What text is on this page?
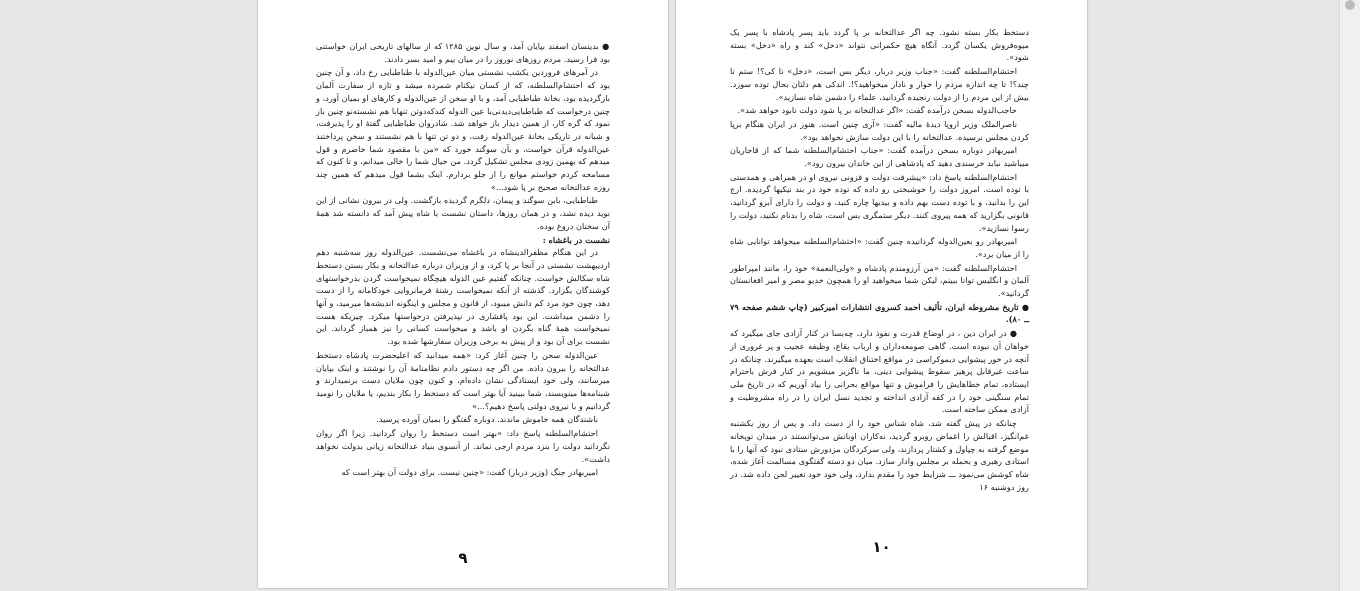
● بدینسان اسفند بپایان آمد، و سال نوین ۱۲۸۵ که از سالهای تاریخی ایران خواستنی بود فرا رسید. مردم روزهای نوروز را در میان بیم و امید بسر دادند.

در آمرهای فروردین یکشب نشستی میان عین‌الدوله با طباطبایی رخ داد، و آن چنین بود که احتشام‌السلطنه، که از کسان نیکنام شمرده میشد و تازه از سفارت آلمان بازگردیده بود، بخانهٔ طباطبایی آمد، و با او سخن از عین‌الدوله و کارهای او بمیان آورد، و چنین درخواست که طباطبایی‌دیدنی‌با عین الدوله کندکه‌دوتن تنهابا هم نشسته‌نو چنین باز نمود که گره کار، از همین دیدار باز خواهد شد. شادروان طباطبایی گفتهٔ او را پذیرفت، و شبانه در تاریکی بخانهٔ عین‌الدوله رفت، و دو تن تنها با هم نشستند و سخن پرداختند عین‌الدوله قرآن خواست، و بآن سوگند خورد که «من با مقصود شما خاضرم و قول میدهم که بهمین زودی مجلس تشکیل گردد. من خیال شما را خالی میدانم، و تا کنون که مسامحه کردم خواستم موانع را از جلو بردارم. اینک بشما قول میدهم که همین چند روزه عدالتخانه صحیح بر پا شود...»

طباطبایی، بابن سوگند و پیمان، دلگرم گردیده بازگشت. ولی در بیرون نشانی از این نوید دیده نشد، و در همان روزها، داستان نشست با شاه پیش آمد که دانسته شد همهٔ آن سخنان دروغ بوده.

نشست در باغشاه :

در این هنگام مظفرالدینشاه در باغشاه می‌نشست. عین‌الدوله روز سه‌شنبه دهم اردیبهشت نشستی در آنجا بر پا کرد، و از وزیران درباره عدالتخانه و بکار بستن دستخط شاه سکالش خواست. چنانکه گفتیم عین الدوله هیچگاه نمیخواست گردن بدرخواستهای کوشندگان بگزارد. گذشته از آنکه نمیخواست رشتهٔ فرمانروایی خودکامانه را از دست دهد، چون خود مرد کم دانش میبود، از قانون و مجلس و اینگونه اندیشه‌ها میرمید، و آنها را دشمن میداشت. این بود پافشاری در نپذیرفتن درخواستها میکرد. چیزیکه هست نمیخواست همهٔ گناه بگردن او باشد و میخواست کسانی را نیز همباز گرداند. این نشست برای آن بود و از پیش به برخی وزیران سفارشها شده بود.

عین‌الدوله سخن را چنین آغاز کرد: «همه میدانید که اعلیحضرت پادشاه دستخط عدالتخانه را بیرون داده. من اگر چه دستور دادم نظامنامهٔ آن را نوشتند و اینک بپایان میرسانند، ولی خود ایستادگی نشان داده‌ام، و کنون چون ملایان دست برنمیدارند و شبنامه‌ها مینویسند، شما ببینید آیا بهتر است که دستخط را بکار بندیم، یا ملایان را نومید گردانیم و با نیروی دولتی پاسخ دهیم؟...»

باشندگان همه خاموش ماندند. دوباره گفتگو را بمیان آورده پرسید.

احتشام‌السلطنه پاسخ داد: «بهتر است دستخط را روان گردانید. زیرا اگر روان نگردانید دولت را بنزد مردم ارجی نماند. از آنسوی بنیاد عدالتخانه زیانی بدولت نخواهد داشت».

امیربهادر جنگ (وزیر دربار) گفت: «چنین نیست. برای دولت آن بهتر است که

۹

دستخط بکار بسته نشود. چه اگر عدالتخانه بر پا گردد باید پسر پادشاه با پسر یک میوه‌فروش یکسان گردد. آنگاه هیچ حکمرانی نتواند «دخل» کند و راه «دخل» بسته شود».

احتشام‌السلطنه گفت: «جناب وزیر دربار، دیگر بس است، «دخل» تا کی؟! ستم تا چند؟! تا چه اندازه مردم را خوار و نادار میخواهید؟!. اندکی هم دلتان بحال توده سوزد. بیش از این مردم را از دولت رنجیده گردانید، علماء را دشمن شاه نسازید».

حاجب‌الدوله بسخن درآمده گفت: «اگر عدالتخانه بر پا شود دولت نابود خواهد شد».

ناصرالملک وزیر اروپا دیدهٔ مالیه گفت: «آری چنین است. هنوز در ایران هنگام برپا کردن مجلس نرسیده. عدالتخانه را با این دولت سازش نخواهد بود».

امیربهادر دوباره بسخن درآمده گفت: «جناب احتشام‌السلطنه شما که از قاجاریان میباشید نباید خرسندی دهید که پادشاهی از این خاندان بیرون رود».

احتشام‌السلطنه پاسخ داد: «پیشرفت دولت و فزونی نیروی او در همراهی و همدستی با توده است. امروز دولت را خوشبختی رو داده که توده خود در بند نیکیها گردیده. ارج این را بدانید، و با توده دست بهم داده و بیدیها چاره کنید، و دولت را دارای آبرو گردانید، قانونی بگزارید که همه پیروی کنند. دیگر ستمگری بس است، شاه را بدنام نکنید، دولت را رسوا نسازید».

امیربهادر رو بعین‌الدوله گردانیده چنین گفت: «احتشام‌السلطنه میخواهد توانایی شاه را از میان برد».

احتشام‌السلطنه گفت: «من آرزومندم پادشاه و «ولی‌النعمة» خود را، مانند امپراطور آلمان و انگلیس توانا ببینم، لیکن شما میخواهید او را همچون خدیو مصر و امیر افغانستان گردانید».

● تاریخ مشروطه ایران، تألیف احمد کسروی انتشارات امیرکبیر (چاپ ششم صفحه ۷۹ ــ ۸۰).

● در ایران دین ، در اوضاع قدرت و نفوذ دارد، چه‌بسا در کنار آزادی جای میگیرد که خواهان آن نبوده است. گاهی صومعه‌داران و ارباب بقاع، وظیفه عجیب و پر غروری از آنچه در خور پیشوایی دیموکراسی در مواقع اختناق انقلاب است بعهده میگیرند. چنانکه در ساعت غیرقابل پرهیز سقوط پیشوایی دینی، ما ناگزیر میشویم در کنار فرش باحترام ایستاده، تمام خطاهایش را فراموش و تنها مواقع بحرانی را بیاد آوریم که در تاریخ ملی تمام سنگینی خود را در کفه آزادی انداخته و تجدید نسل ایران را در راه مشروطیت و آزادی ممکن ساخته است.

چنانکه در پیش گفته شد، شاه شناس خود را از دست داد. و پس از روز یکشنبه غم‌انگیز، اقبالش را اغماض روبرو گردید، نه‌کاران او‌بانش می‌توانستند در میدان توپخانه موضع گرفته به چپاول و کشتار پردازند، ولی سرکردگان مزدورش ستادی نبود که آنها را با استادی رهبری و بحمله بر مجلس وادار سازد. میان دو دسته گفتگوی مسالمت آغاز شده، شاه کوشش می‌نمود ـــ شرایط خود را مقدم بدارد، ولی خود خود تغییر لحن داده شد. در روز دوشنبه ۱۶

۱۰
